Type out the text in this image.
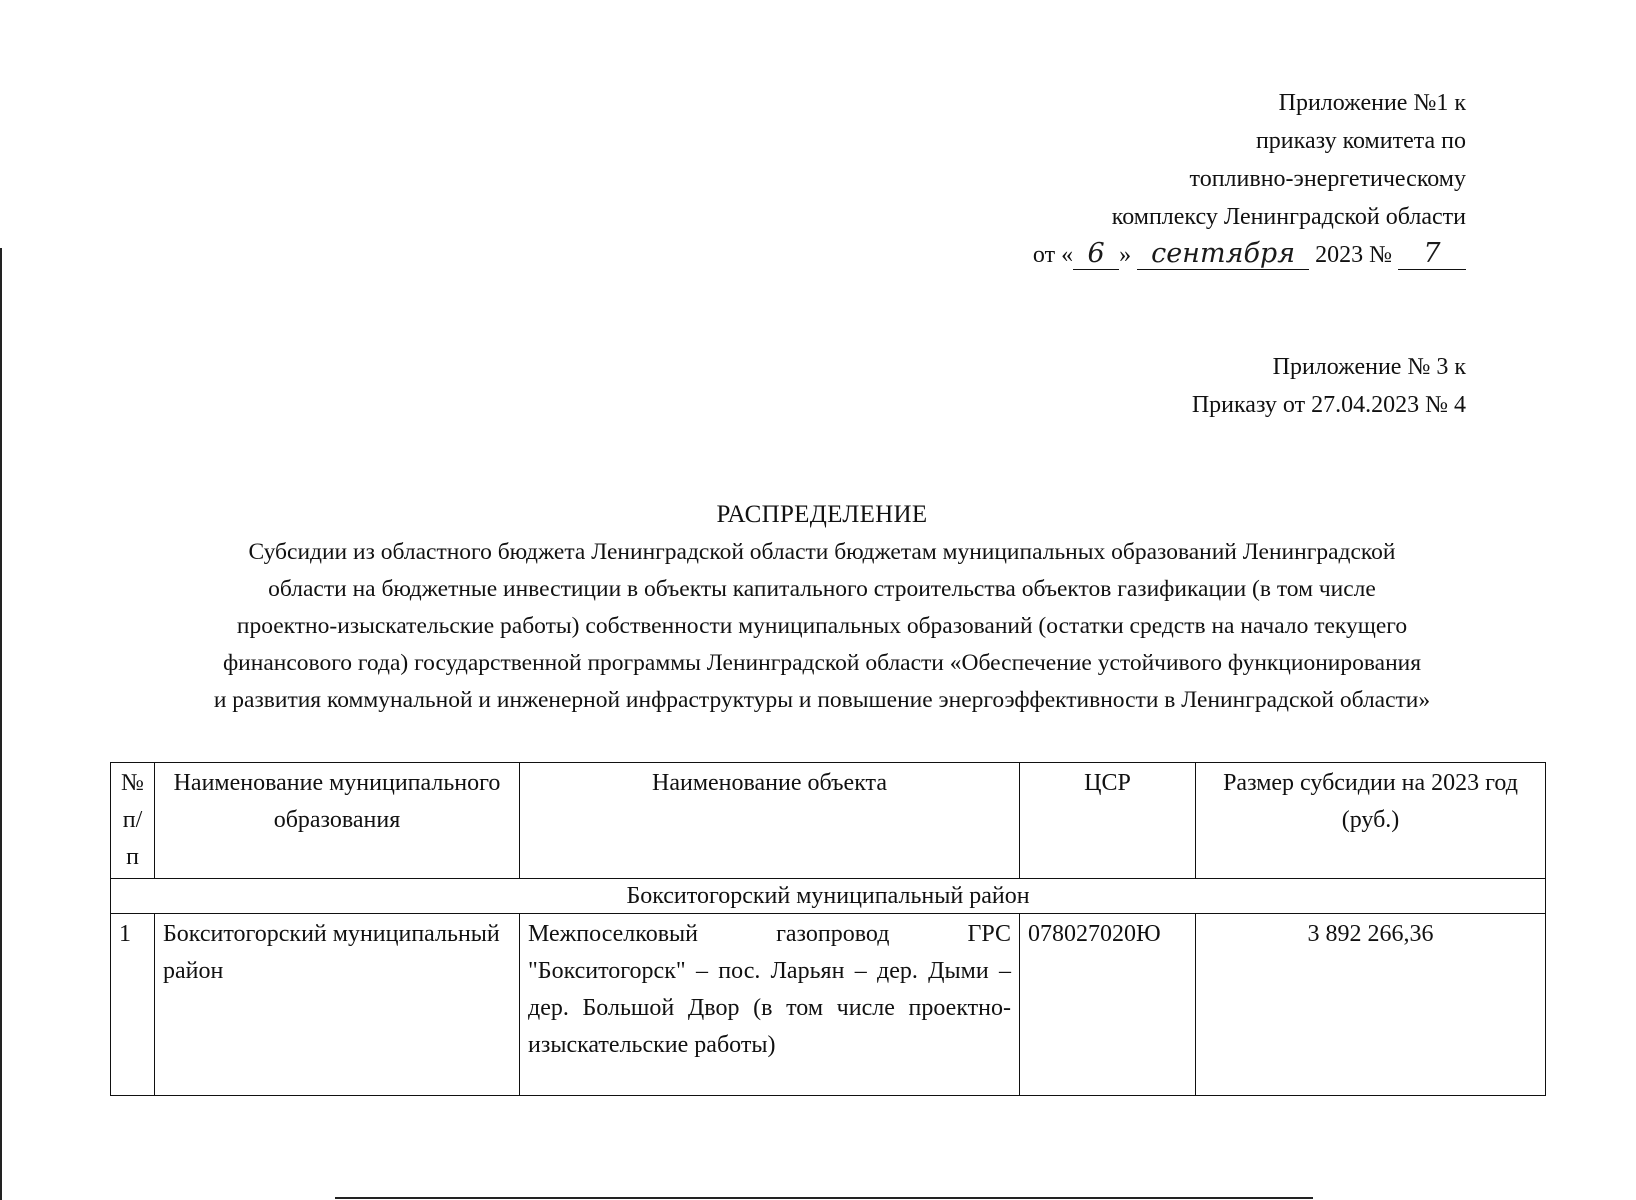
Приложение №1 к
приказу комитета по
топливно-энергетическому
комплексу Ленинградской области
от « 6 » сентября 2023 № 7
Приложение № 3 к
Приказу от 27.04.2023 № 4
РАСПРЕДЕЛЕНИЕ
Субсидии из областного бюджета Ленинградской области бюджетам муниципальных образований Ленинградской
области на бюджетные инвестиции в объекты капитального строительства объектов газификации (в том числе
проектно-изыскательские работы) собственности муниципальных образований (остатки средств на начало текущего
финансового года) государственной программы Ленинградской области «Обеспечение устойчивого функционирования
и развития коммунальной и инженерной инфраструктуры и повышение энергоэффективности в Ленинградской области»
№ п/п	Наименование муниципального образования	Наименование объекта	ЦСР	Размер субсидии на 2023 год (руб.)
Бокситогорский муниципальный район				
1	Бокситогорский муниципальный район	Межпоселковый газопровод ГРС "Бокситогорск" – пос. Ларьян – дер. Дыми – дер. Большой Двор (в том числе проектно-изыскательские работы)	078027020Ю	3 892 266,36
